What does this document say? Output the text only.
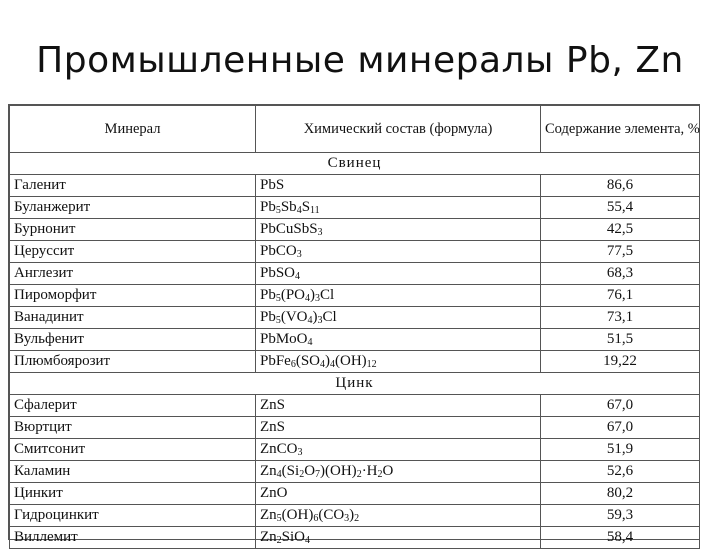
Промышленные минералы Pb, Zn
Минерал	Химический состав (формула)	Содержание элемента, %
Свинец		
Галенит	PbS	86,6
Буланжерит	$Pb_5Sb_4S_{11}$	55,4
Бурнонит	PbCuSbS$_3$	42,5
Церуссит	PbCO$_3$	77,5
Англезит	PbSO$_4$	68,3
Пироморфит	$Pb_5(PO_4)_3Cl$	76,1
Ванадинит	$Pb_5(VO_4)_3Cl$	73,1
Вульфенит	PbMoO$_4$	51,5
Плюмбоярозит	$PbFe_6(SO_4)_4(OH)_{12}$	19,22
Цинк		
Сфалерит	ZnS	67,0
Вюртцит	ZnS	67,0
Смитсонит	ZnCO$_3$	51,9
Каламин	$Zn_4(Si_2O_7)(OH)_2\cdot H_2O$	52,6
Цинкит	ZnO	80,2
Гидроцинкит	$Zn_5(OH)_6(CO_3)_2$	59,3
Виллемит	$Zn_2SiO_4$	58,4
